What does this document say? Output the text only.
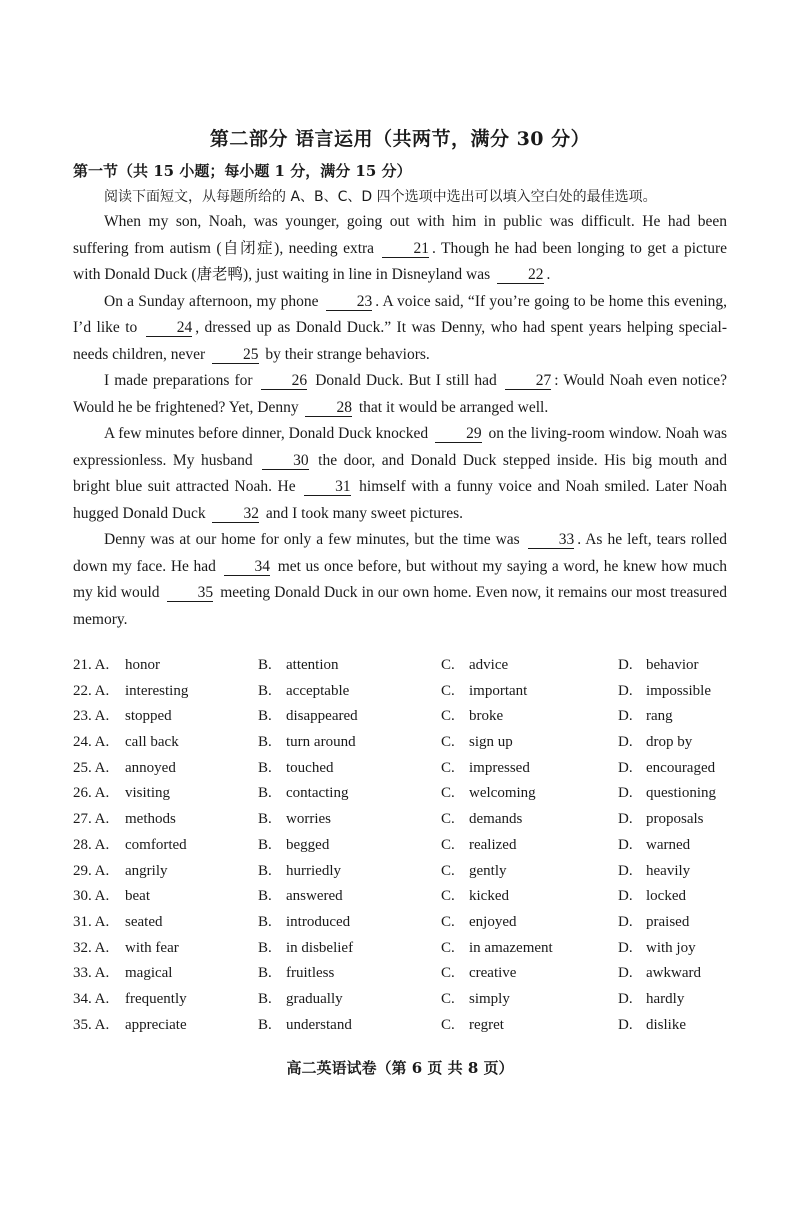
第二部分 语言运用（共两节，满分 30 分）
第一节（共 15 小题；每小题 1 分，满分 15 分）
阅读下面短文，从每题所给的 A、B、C、D 四个选项中选出可以填入空白处的最佳选项。

When my son, Noah, was younger, going out with him in public was difficult. He had been suffering from autism (自闭症), needing extra	21 . Though he had been longing to get a picture with Donald Duck (唐老鸭), just waiting in line in Disneyland was 22 .

On a Sunday afternoon, my phone 23 . A voice said, “If you’re going to be home this evening, I’d like to	24 , dressed up as Donald Duck.” It was Denny, who had spent years helping special-needs children, never 25 by their strange behaviors.

I made preparations for	26 Donald Duck. But I still had	27 : Would Noah even notice? Would he be frightened? Yet, Denny 28 that it would be arranged well.

A few minutes before dinner, Donald Duck knocked 29 on the living-room window. Noah was expressionless. My husband	30 the door, and Donald Duck stepped inside. His big mouth and bright blue suit attracted Noah. He	31 himself with a funny voice and Noah smiled. Later Noah hugged Donald Duck 32 and I took many sweet pictures.

Denny was at our home for only a few minutes, but the time was	33 . As he left, tears rolled down my face. He had 34 met us once before, but without my saying a word, he knew how much my kid would 35 meeting Donald Duck in our own home. Even now, it remains our most treasured memory.

21. A. honor	B. attention	C. advice	D. behavior
22. A. interesting	B. acceptable	C. important	D. impossible
23. A. stopped	B. disappeared	C. broke	D. rang
24. A. call back	B. turn around	C. sign up	D. drop by
25. A. annoyed	B. touched	C. impressed	D. encouraged
26. A. visiting	B. contacting	C. welcoming	D. questioning
27. A. methods	B. worries	C. demands	D. proposals
28. A. comforted	B. begged	C. realized	D. warned
29. A. angrily	B. hurriedly	C. gently	D. heavily
30. A. beat	B. answered	C. kicked	D. locked
31. A. seated	B. introduced	C. enjoyed	D. praised
32. A. with fear	B. in disbelief	C. in amazement	D. with joy
33. A. magical	B. fruitless	C. creative	D. awkward
34. A. frequently	B. gradually	C. simply	D. hardly
35. A. appreciate	B. understand	C. regret	D. dislike
高二英语试卷（第 6 页 共 8 页）
